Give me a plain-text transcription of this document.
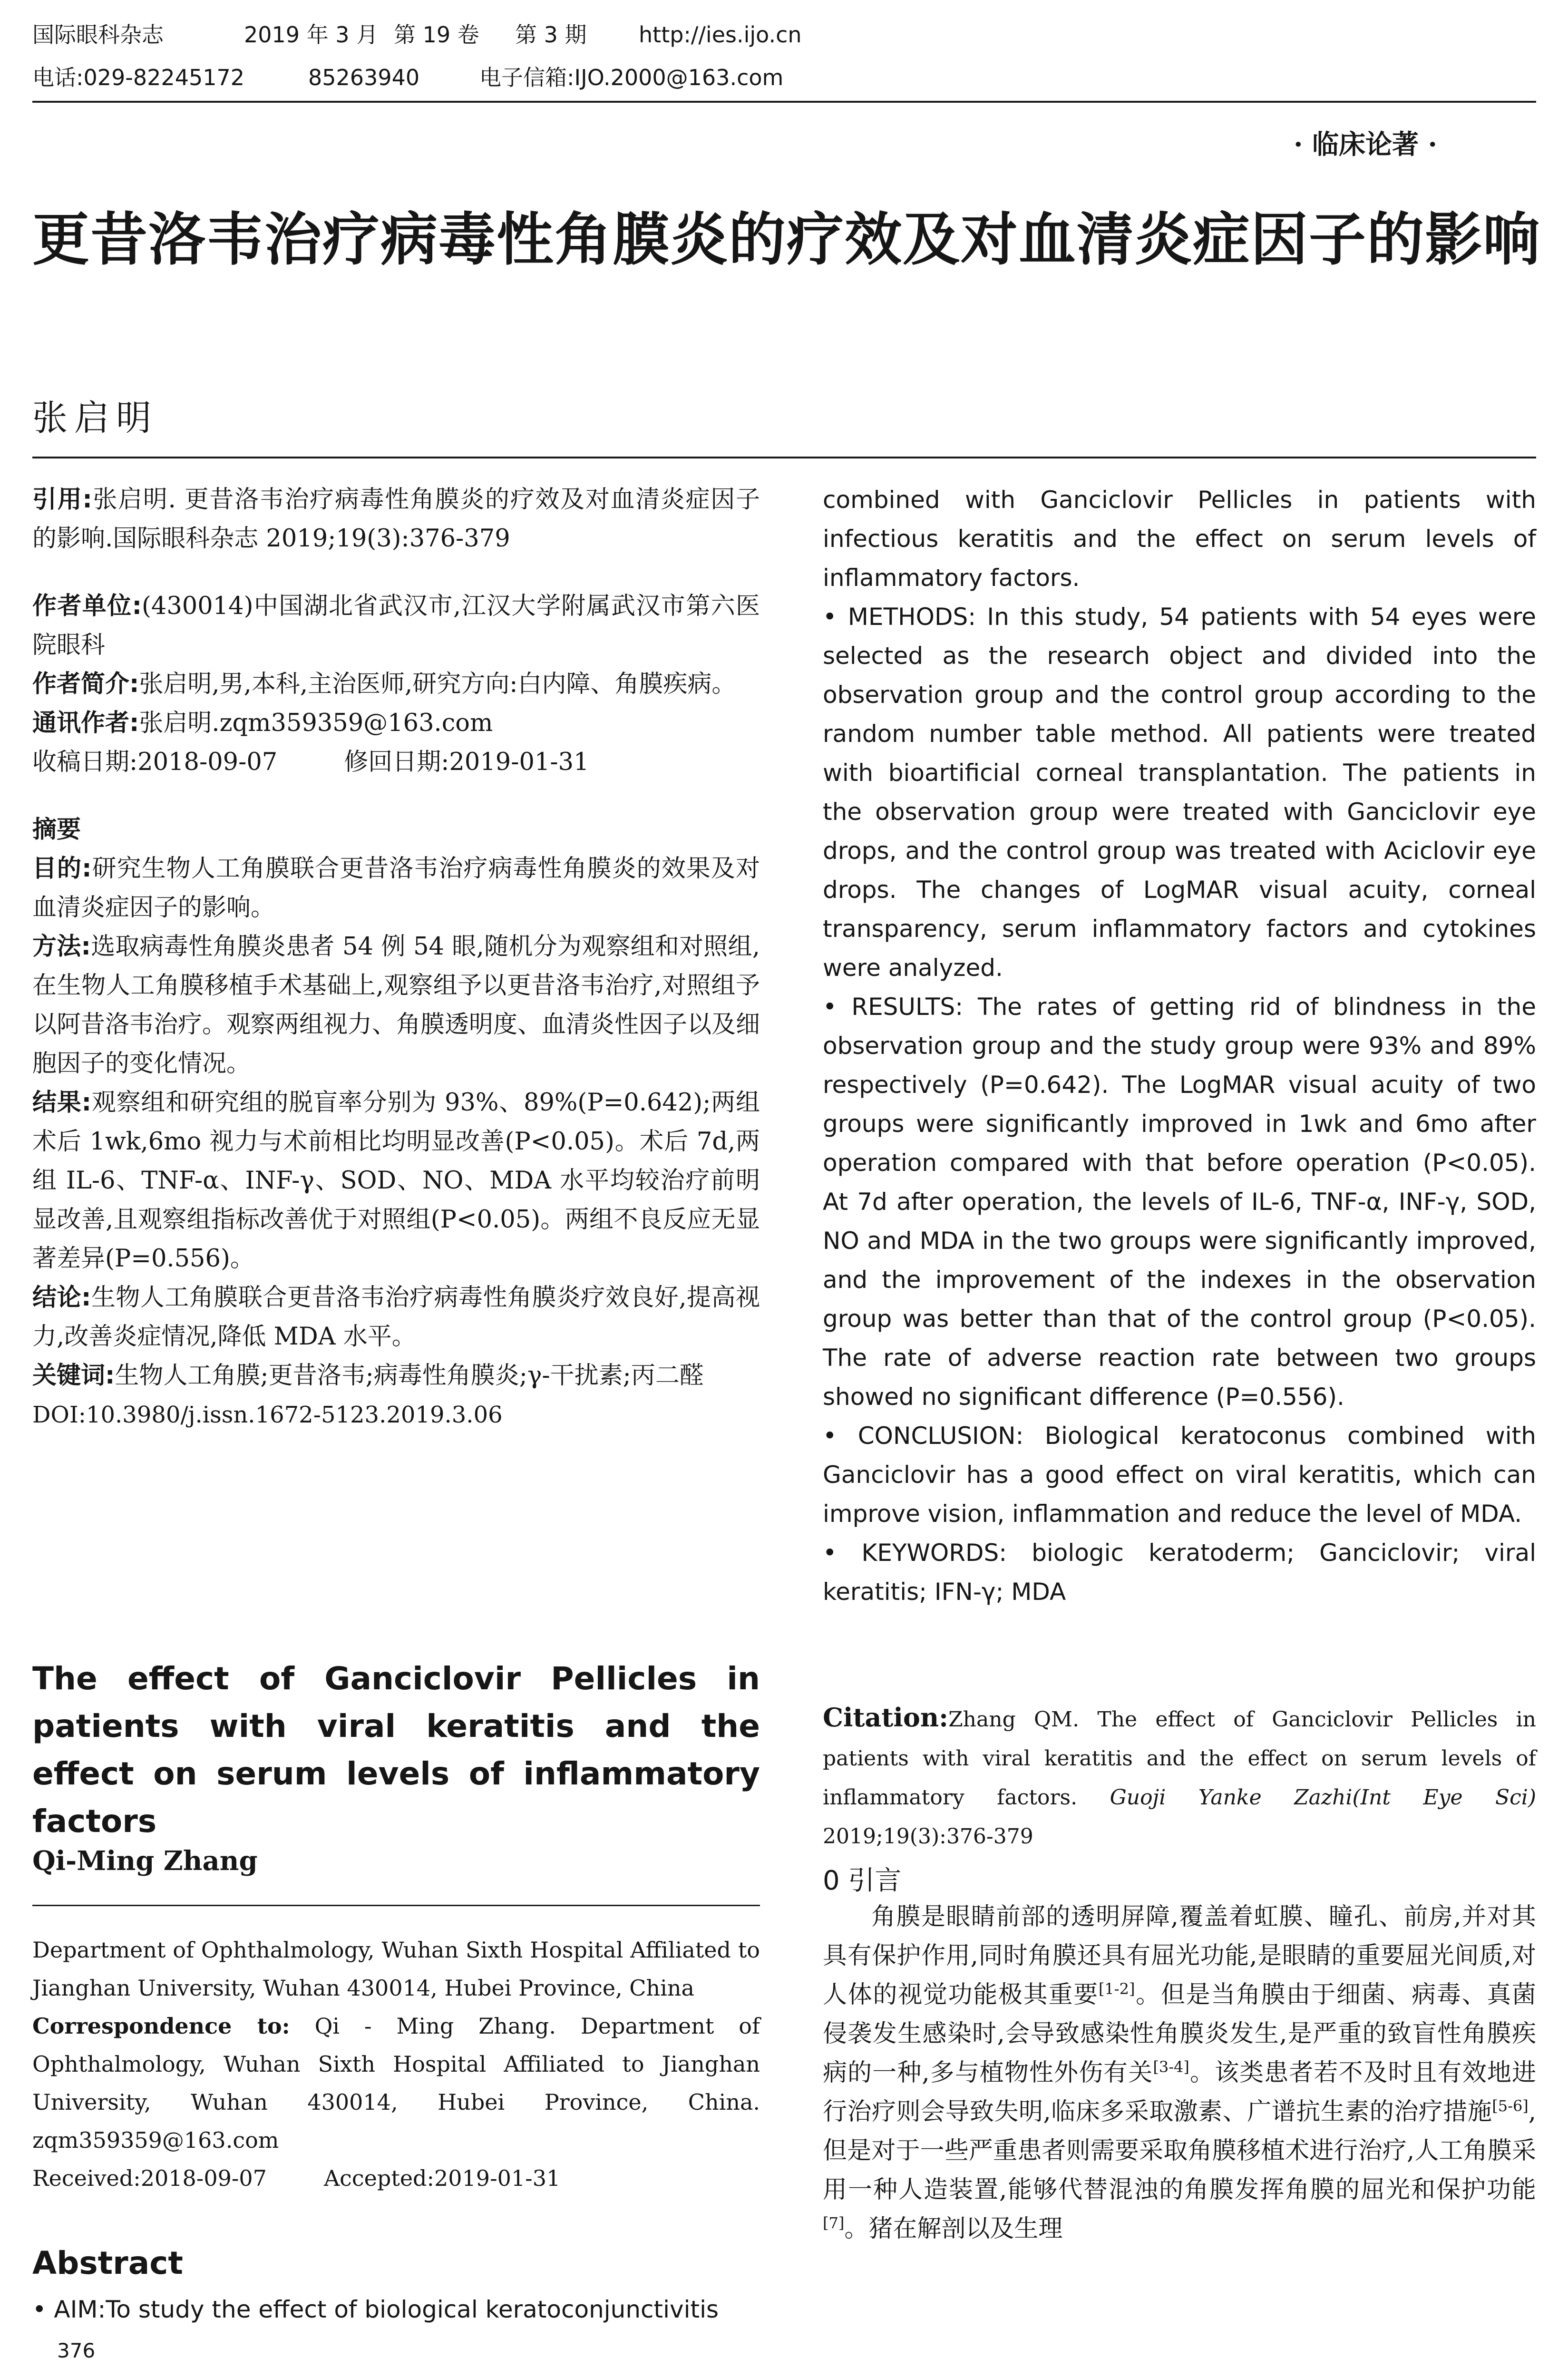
国际眼科杂志	2019 年 3 月 第 19 卷 第 3 期 http://ies.ijo.cn
电话:029-82245172	85263940	电子信箱:IJO.2000@163.com
· 临床论著 ·
更昔洛韦治疗病毒性角膜炎的疗效及对血清炎症因子的影响
张启明

引用:张启明. 更昔洛韦治疗病毒性角膜炎的疗效及对血清炎症因子的影响.国际眼科杂志 2019;19(3):376-379

作者单位:(430014)中国湖北省武汉市,江汉大学附属武汉市第六医院眼科

作者简介:张启明,男,本科,主治医师,研究方向:白内障、角膜疾病。

通讯作者:张启明.zqm359359@163.com

收稿日期:2018-09-07	修回日期:2019-01-31

摘要

目的:研究生物人工角膜联合更昔洛韦治疗病毒性角膜炎的效果及对血清炎症因子的影响。

方法:选取病毒性角膜炎患者 54 例 54 眼,随机分为观察组和对照组,在生物人工角膜移植手术基础上,观察组予以更昔洛韦治疗,对照组予以阿昔洛韦治疗。观察两组视力、角膜透明度、血清炎性因子以及细胞因子的变化情况。

结果:观察组和研究组的脱盲率分别为 93%、89%(P=0.642);两组术后 1wk,6mo 视力与术前相比均明显改善(P<0.05)。术后 7d,两组 IL-6、TNF-α、INF-γ、SOD、NO、MDA 水平均较治疗前明显改善,且观察组指标改善优于对照组(P<0.05)。两组不良反应无显著差异(P=0.556)。

结论:生物人工角膜联合更昔洛韦治疗病毒性角膜炎疗效良好,提高视力,改善炎症情况,降低 MDA 水平。

关键词:生物人工角膜;更昔洛韦;病毒性角膜炎;γ-干扰素;丙二醛

DOI:10.3980/j.issn.1672-5123.2019.3.06

The effect of Ganciclovir Pellicles in patients with viral keratitis and the effect on serum levels of inflammatory factors
Qi-Ming Zhang

Department of Ophthalmology, Wuhan Sixth Hospital Affiliated to Jianghan University, Wuhan 430014, Hubei Province, China

Correspondence to: Qi - Ming Zhang. Department of Ophthalmology, Wuhan Sixth Hospital Affiliated to Jianghan University, Wuhan 430014, Hubei Province, China. zqm359359@163.com

Received:2018-09-07	Accepted:2019-01-31

Abstract
• AIM:To study the effect of biological keratoconjunctivitis

combined with Ganciclovir Pellicles in patients with infectious keratitis and the effect on serum levels of inflammatory factors.

• METHODS: In this study, 54 patients with 54 eyes were selected as the research object and divided into the observation group and the control group according to the random number table method. All patients were treated with bioartificial corneal transplantation. The patients in the observation group were treated with Ganciclovir eye drops, and the control group was treated with Aciclovir eye drops. The changes of LogMAR visual acuity, corneal transparency, serum inflammatory factors and cytokines were analyzed.

• RESULTS: The rates of getting rid of blindness in the observation group and the study group were 93% and 89% respectively (P=0.642). The LogMAR visual acuity of two groups were significantly improved in 1wk and 6mo after operation compared with that before operation (P<0.05). At 7d after operation, the levels of IL-6, TNF-α, INF-γ, SOD, NO and MDA in the two groups were significantly improved, and the improvement of the indexes in the observation group was better than that of the control group (P<0.05). The rate of adverse reaction rate between two groups showed no significant difference (P=0.556).

• CONCLUSION: Biological keratoconus combined with Ganciclovir has a good effect on viral keratitis, which can improve vision, inflammation and reduce the level of MDA.

• KEYWORDS: biologic keratoderm; Ganciclovir; viral keratitis; IFN-γ; MDA

Citation:Zhang QM. The effect of Ganciclovir Pellicles in patients with viral keratitis and the effect on serum levels of inflammatory factors. Guoji Yanke Zazhi(Int Eye Sci) 2019;19(3):376-379
0 引言
角膜是眼睛前部的透明屏障,覆盖着虹膜、瞳孔、前房,并对其具有保护作用,同时角膜还具有屈光功能,是眼睛的重要屈光间质,对人体的视觉功能极其重要[1-2]。但是当角膜由于细菌、病毒、真菌侵袭发生感染时,会导致感染性角膜炎发生,是严重的致盲性角膜疾病的一种,多与植物性外伤有关[3-4]。该类患者若不及时且有效地进行治疗则会导致失明,临床多采取激素、广谱抗生素的治疗措施[5-6],但是对于一些严重患者则需要采取角膜移植术进行治疗,人工角膜采用一种人造装置,能够代替混浊的角膜发挥角膜的屈光和保护功能[7]。猪在解剖以及生理
376
